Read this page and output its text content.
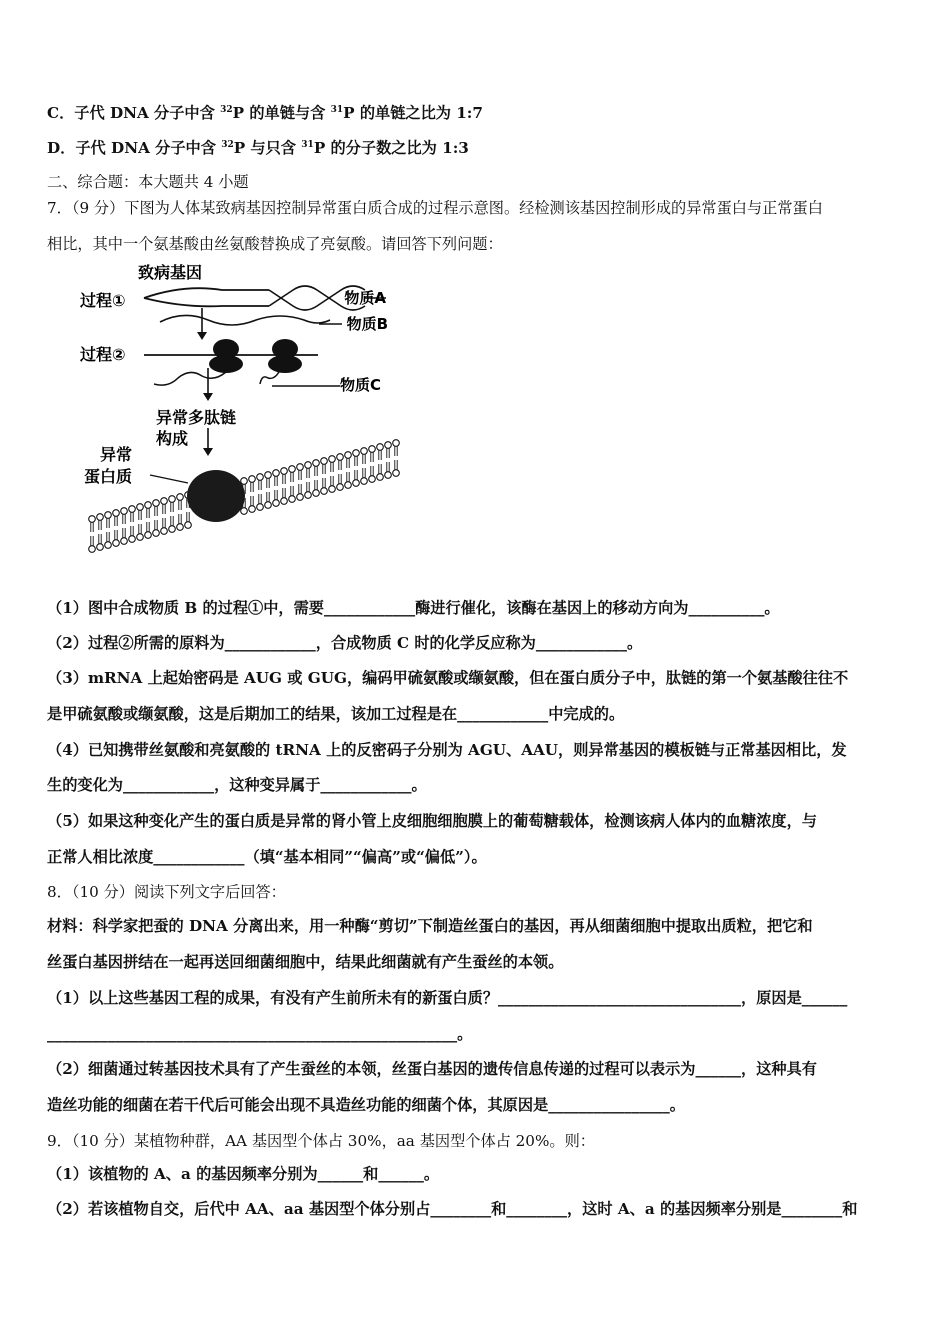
C．子代 DNA 分子中含 $^{32}$P 的单链与含 $^{31}$P 的单链之比为 1:7
D．子代 DNA 分子中含 $^{32}$P 与只含 $^{31}$P 的分子数之比为 1:3
二、综合题：本大题共 4 小题
7．（9 分）下图为人体某致病基因控制异常蛋白质合成的过程示意图。经检测该基因控制形成的异常蛋白与正常蛋白
相比，其中一个氨基酸由丝氨酸替换成了亮氨酸。请回答下列问题：
致病基因
过程①	物质A
物质B
过程②
物质C
异常多肽链
构成
异常
蛋白质
（1）图中合成物质 B 的过程①中，需要____________酶进行催化，该酶在基因上的移动方向为__________。
（2）过程②所需的原料为____________，合成物质 C 时的化学反应称为____________。
（3）mRNA 上起始密码是 AUG 或 GUG，编码甲硫氨酸或缬氨酸，但在蛋白质分子中，肽链的第一个氨基酸往往不
是甲硫氨酸或缬氨酸，这是后期加工的结果，该加工过程是在____________中完成的。
（4）已知携带丝氨酸和亮氨酸的 tRNA 上的反密码子分别为 AGU、AAU，则异常基因的模板链与正常基因相比，发
生的变化为____________，这种变异属于____________。
（5）如果这种变化产生的蛋白质是异常的肾小管上皮细胞细胞膜上的葡萄糖载体，检测该病人体内的血糖浓度，与
正常人相比浓度____________（填“基本相同”“偏高”或“偏低”）。
8．（10 分）阅读下列文字后回答：
材料：科学家把蚕的 DNA 分离出来，用一种酶“剪切”下制造丝蛋白的基因，再从细菌细胞中提取出质粒，把它和
丝蛋白基因拼结在一起再送回细菌细胞中，结果此细菌就有产生蚕丝的本领。
（1）以上这些基因工程的成果，有没有产生前所未有的新蛋白质？________________________________，原因是______
______________________________________________________。
（2）细菌通过转基因技术具有了产生蚕丝的本领，丝蛋白基因的遗传信息传递的过程可以表示为______，这种具有
造丝功能的细菌在若干代后可能会出现不具造丝功能的细菌个体，其原因是________________。
9．（10 分）某植物种群，AA 基因型个体占 30%，aa 基因型个体占 20%。则：
（1）该植物的 A、a 的基因频率分别为______和______。
（2）若该植物自交，后代中 AA、aa 基因型个体分别占________和________，这时 A、a 的基因频率分别是________和
